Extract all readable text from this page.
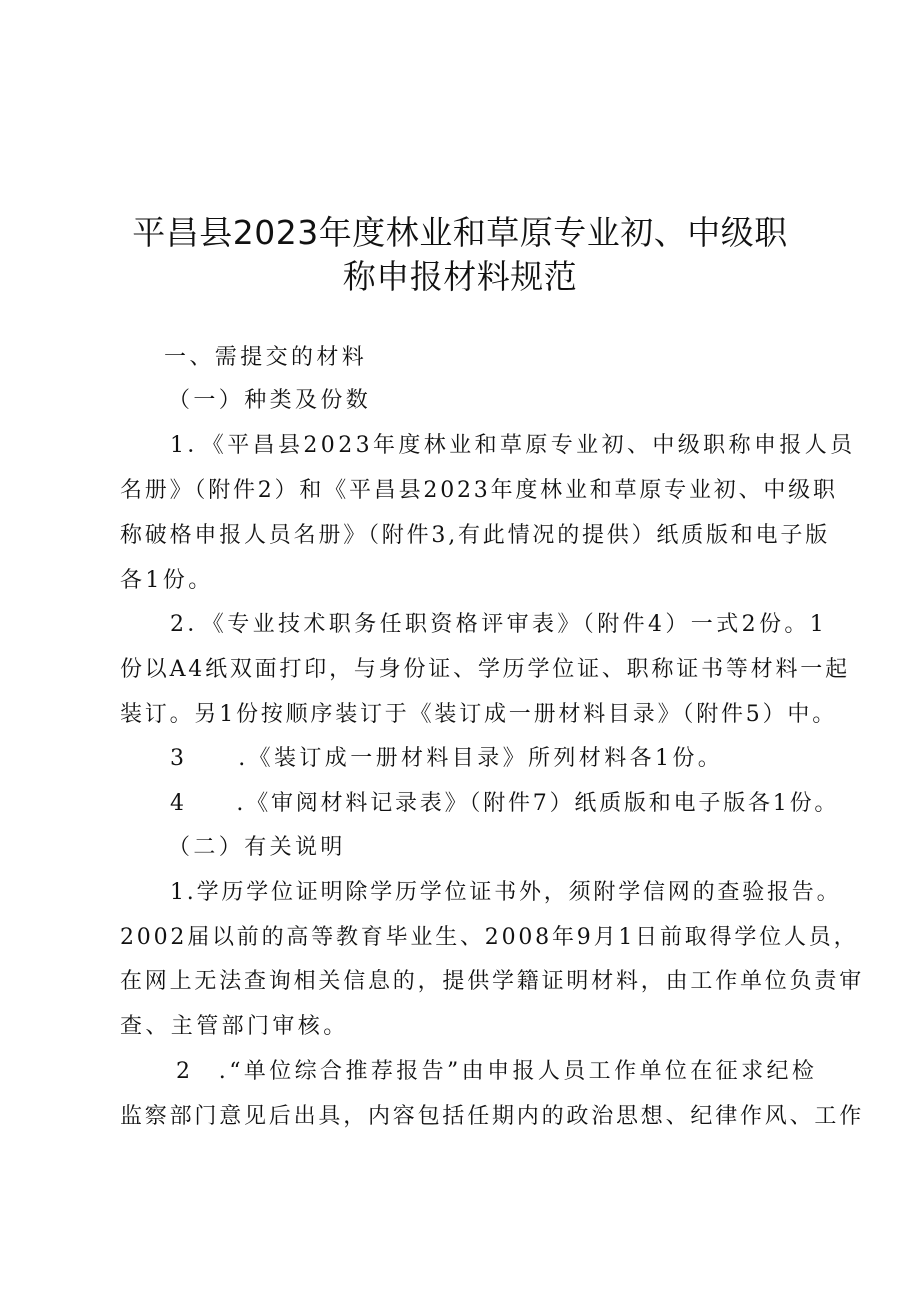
平昌县2023年度林业和草原专业初、中级职
称申报材料规范
一、需提交的材料
（一）种类及份数
1．《平昌县2023年度林业和草原专业初、中级职称申报人员
名册》（附件2）和《平昌县2023年度林业和草原专业初、中级职
称破格申报人员名册》（附件3,有此情况的提供）纸质版和电子版
各1份。
2．《专业技术职务任职资格评审表》（附件4）一式2份。1
份以A4纸双面打印，与身份证、学历学位证、职称证书等材料一起
装订。另1份按顺序装订于《装订成一册材料目录》（附件5）中。
3　　.《装订成一册材料目录》所列材料各1份。
4　　.《审阅材料记录表》（附件7）纸质版和电子版各1份。
（二）有关说明
1.学历学位证明除学历学位证书外，须附学信网的查验报告。
2002届以前的高等教育毕业生、2008年9月1日前取得学位人员，
在网上无法查询相关信息的，提供学籍证明材料，由工作单位负责审
查、主管部门审核。
2　.“单位综合推荐报告”由申报人员工作单位在征求纪检
监察部门意见后出具，内容包括任期内的政治思想、纪律作风、工作
